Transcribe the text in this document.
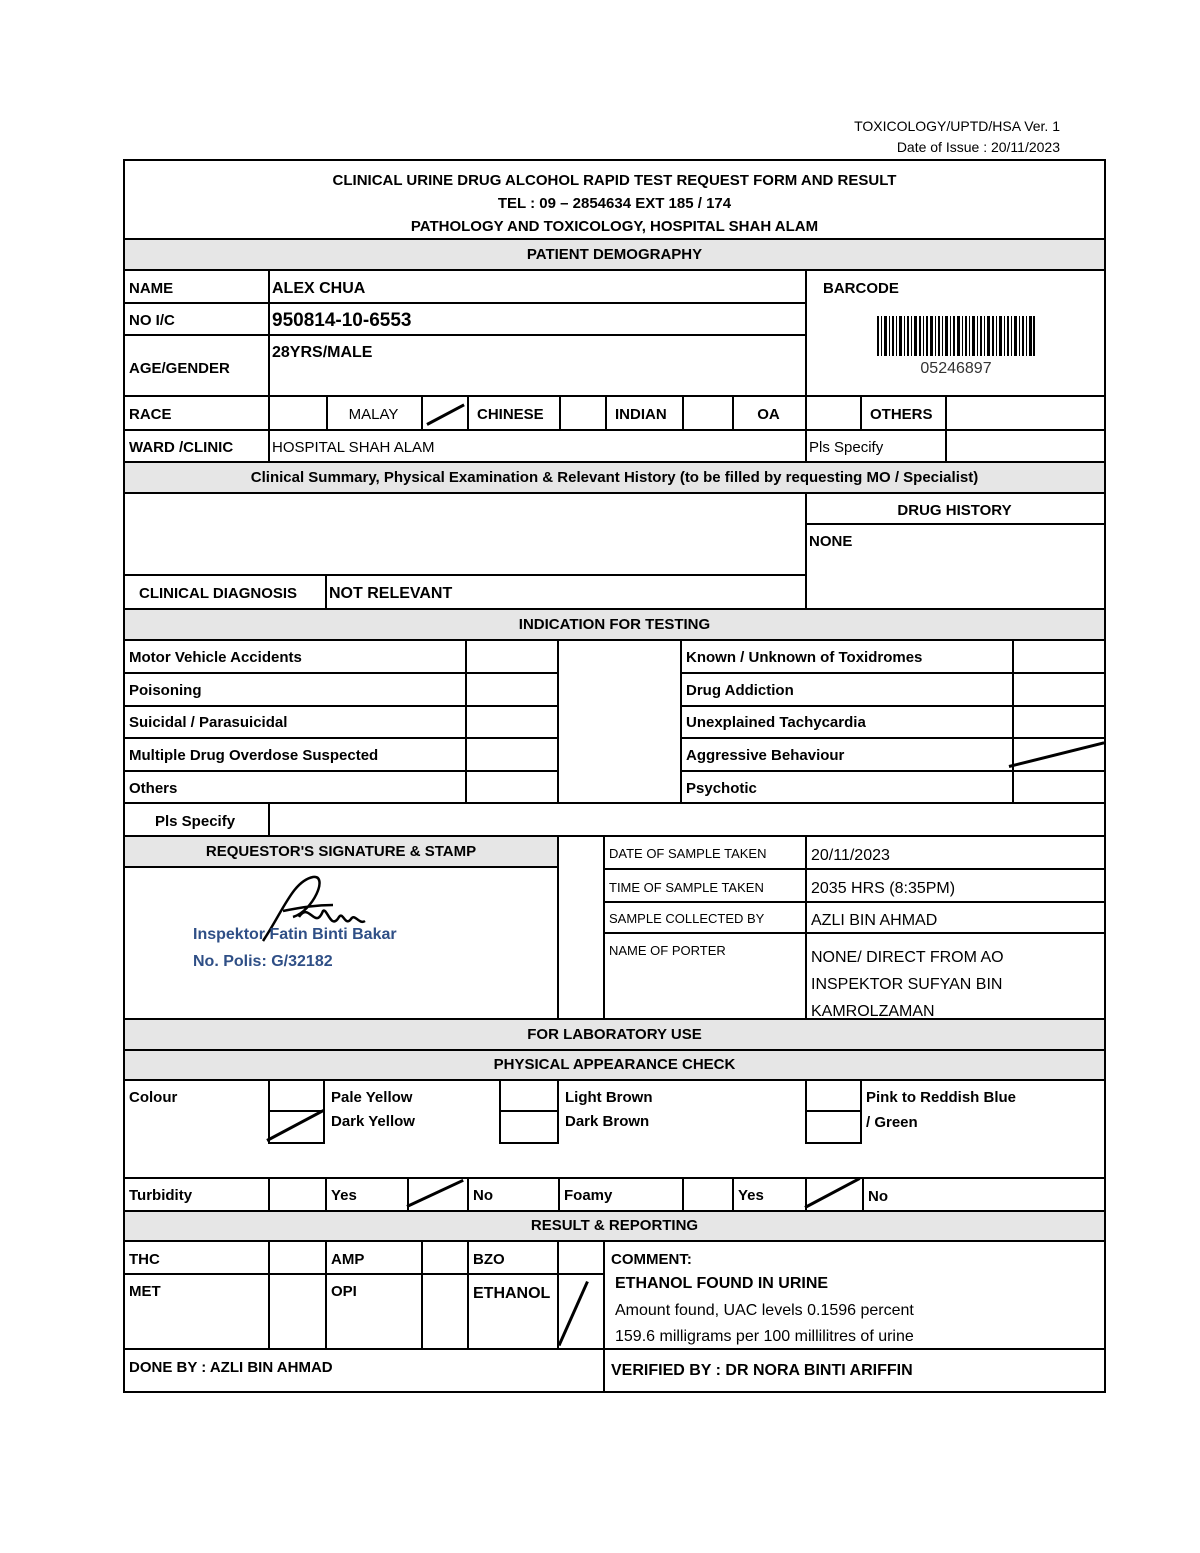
TOXICOLOGY/UPTD/HSA Ver. 1
Date of Issue : 20/11/2023
CLINICAL URINE DRUG ALCOHOL RAPID TEST REQUEST FORM AND RESULT
TEL : 09 – 2854634 EXT 185 / 174
PATHOLOGY AND TOXICOLOGY, HOSPITAL SHAH ALAM
PATIENT DEMOGRAPHY
NAME	ALEX CHUA
NO I/C	950814-10-6553
AGE/GENDER
28YRS/MALE
BARCODE
05246897
RACE	MALAY	CHINESE	INDIAN	OA	OTHERS
WARD /CLINIC	HOSPITAL SHAH ALAM	Pls Specify
Clinical Summary, Physical Examination & Relevant History (to be filled by requesting MO / Specialist)
DRUG HISTORY
NONE
CLINICAL DIAGNOSIS NOT RELEVANT
INDICATION FOR TESTING
Motor Vehicle Accidents
Poisoning
Suicidal / Parasuicidal
Multiple Drug Overdose Suspected
Others
Known / Unknown of Toxidromes
Drug Addiction
Unexplained Tachycardia
Aggressive Behaviour
Psychotic
Pls Specify
REQUESTOR'S SIGNATURE & STAMP	DATE OF SAMPLE TAKEN	20/11/2023
TIME OF SAMPLE TAKEN	2035 HRS (8:35PM)
SAMPLE COLLECTED BY	AZLI BIN AHMAD
NAME OF PORTER	NONE/ DIRECT FROM AO
INSPEKTOR SUFYAN BIN
KAMROLZAMAN
Inspektor Fatin Binti Bakar
No. Polis: G/32182
FOR LABORATORY USE
PHYSICAL APPEARANCE CHECK
Colour	Pale Yellow
Dark Yellow
Light Brown
Dark Brown
Pink to Reddish Blue
/ Green
Turbidity	Yes	No	Foamy	Yes	No
RESULT & REPORTING
THC	AMP	BZO
MET	OPI	ETHANOL
COMMENT:
ETHANOL FOUND IN URINE
Amount found, UAC levels 0.1596 percent
159.6 milligrams per 100 millilitres of urine
DONE BY : AZLI BIN AHMAD	VERIFIED BY : DR NORA BINTI ARIFFIN
